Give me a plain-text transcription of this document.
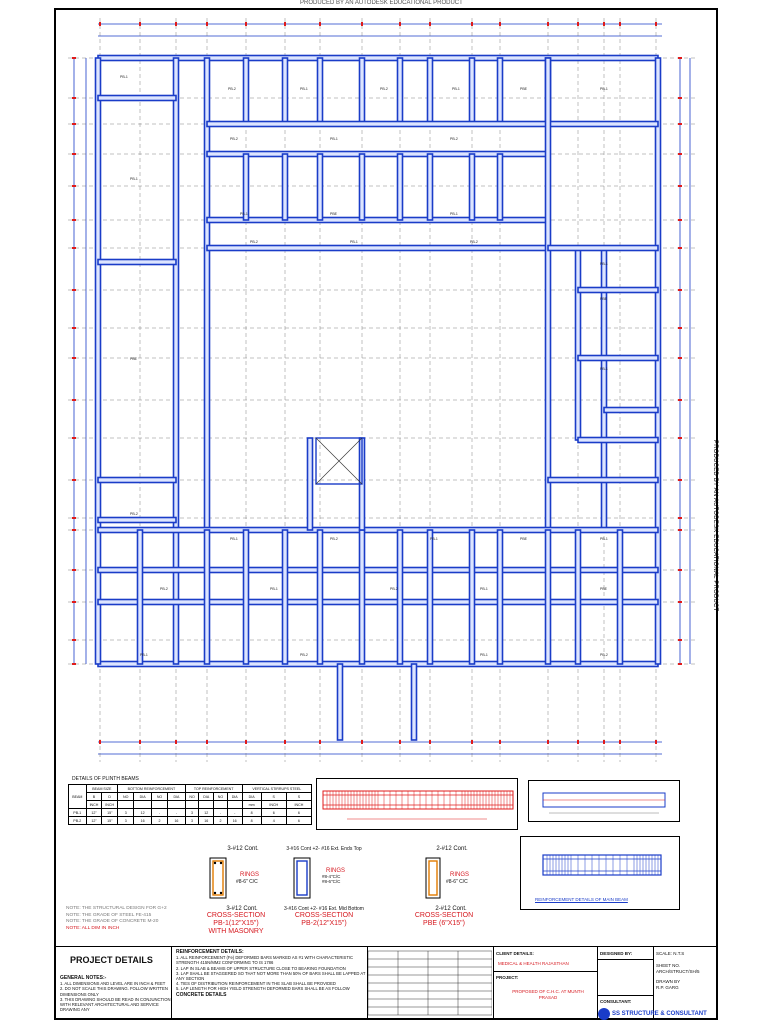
PRODUCED BY AN AUTODESK EDUCATIONAL PRODUCT
PRODUCED BY AN AUTODESK EDUCATIONAL PRODUCT
PB-1
PB-2	PB-1	PB-2	PB-1	PBE	PB-1
PB-2	PB-1	PB-2
PB-1	PBE	PB-1
PB-2	PB-1	PB-2
PB-1
PBE
PB-1
PB-2
PB-1	PB-2	PB-1	PBE	PB-1
PB-2	PB-1	PB-2	PB-1	PBE
PB-1	PB-2	PB-1	PB-2
PB-1
PBE
DETAILS OF PLINTH BEAMS
BEAM	BEAM SIZE		BOTTOM REINFORCEMENT				TOP REINFORCEMENT				VERTICAL STIRRUPS STEEL		
	B	D	NO	DIA	NO	DIA	NO	DIA	NO	DIA	DIA	S	S
	INCH	INCH									mm	INCH	INCH
PB-1	12"	15"	3	12	-	-	3	12	-	-	8	6	6
PB-2	12"	15"	3	16	2	16	3	16	2	16	8	4	6
REINFORCEMENT DETAILS OF MAIN BEAM
3-#12 Cont.
RINGS
#8-6" C/C
3-#12 Cont.
CROSS-SECTION
PB-1(12"X15")
WITH MASONRY
3-#16 Cont +2- #16 Ext. Ends Top
RINGS
#8-4"C/C
#8-6"C/C
3-#16 Cont +2- #16 Ext. Mid Bottom
CROSS-SECTION
PB-2(12"X15")
2-#12 Cont.
RINGS
#8-6" C/C
2-#12 Cont.
CROSS-SECTION
PBE (6"X15")
NOTE: THE STRUCTURAL DESIGN FOR G+2
NOTE: THE GRADE OF STEEL FE-415
NOTE: THE GRADE OF CONCRETE M-20
NOTE: ALL DIM IN INCH
PROJECT DETAILS
GENERAL NOTES:-
1. ALL DIMENSIONS AND LEVEL ARE IN INCH & FEET
2. DO NOT SCALE THIS DRAWING. FOLLOW WRITTEN DIMENSIONS ONLY
3. THIS DRAWING SHOULD BE READ IN CONJUNCTION WITH RELEVANT ARCHITECTURAL AND SERVICE DRAWING ANY
REINFORCEMENT DETAILS:
1. ALL REINFORCEMENT (Fe) DEFORMED BARS MARKED AS #1 WITH CHARACTERISTIC STRENGTH 415N/MM2 CONFORMING TO IS 1786
2. LAP IN SLAB & BEAMS OF UPPER STRUCTURE CLOSE TO BEARING FOUNDATION
3. LAP SHALL BE STAGGERED SO THAT NOT MORE THAN 50% OF BARS SHALL BE LAPPED AT ANY SECTION
4. TIES OF DISTRIBUTION REINFORCEMENT IN THE SLAB SHALL BE PROVIDED
5. LAP LENGTH FOR HIGH YIELD STRENGTH DEFORMED BARS SHALL BE AS FOLLOW
CONCRETE DETAILS
CLIENT DETAILS:
MEDICAL & HEALTH RAJASTHAN
PROJECT:
PROPOSED OF C.H.C. AT MUNTH PRASAD
DESIGNED BY:
CONSULTANT:
SCALE: N.T.S
SHEET NO.
ARCH/STRUCT/SH/5
DRAWN BY
R.P. GARG
SS STRUCTURE & CONSULTANT
